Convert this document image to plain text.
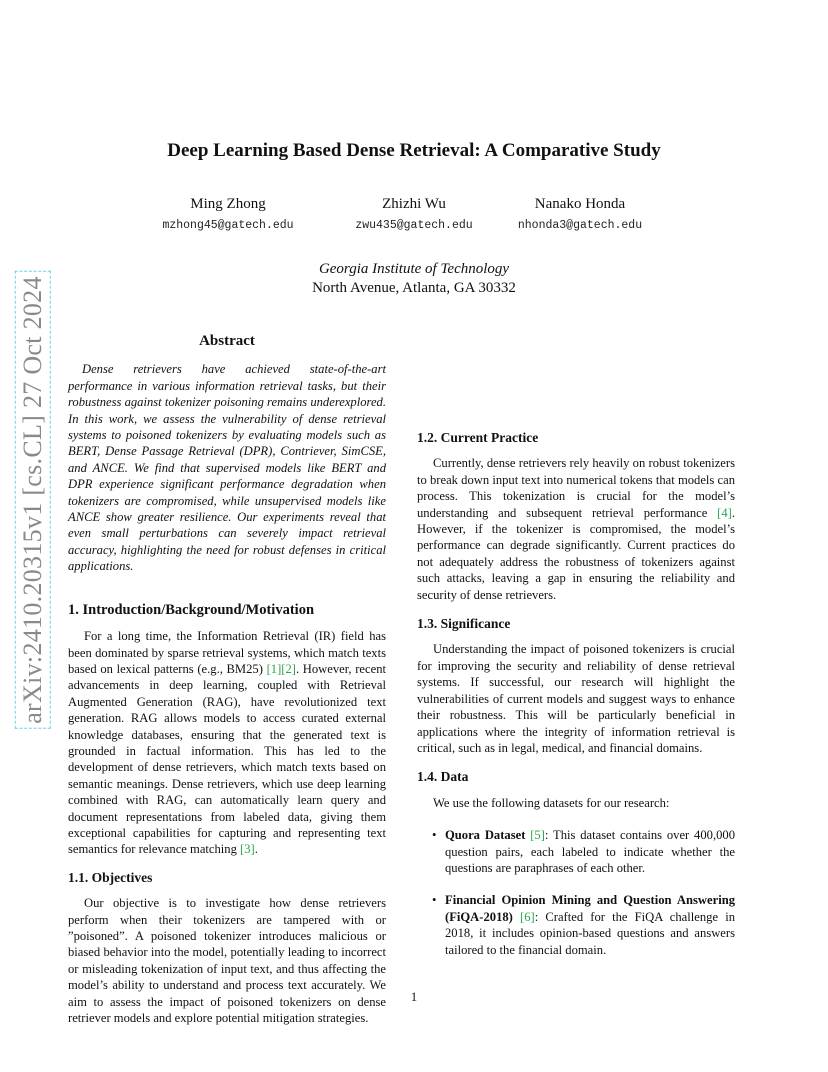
arXiv:2410.20315v1 [cs.CL] 27 Oct 2024
Deep Learning Based Dense Retrieval: A Comparative Study
Ming Zhong
mzhong45@gatech.edu
Zhizhi Wu
zwu435@gatech.edu
Nanako Honda
nhonda3@gatech.edu
Georgia Institute of Technology
North Avenue, Atlanta, GA 30332
Abstract

Dense retrievers have achieved state-of-the-art performance in various information retrieval tasks, but their robustness against tokenizer poisoning remains underexplored. In this work, we assess the vulnerability of dense retrieval systems to poisoned tokenizers by evaluating models such as BERT, Dense Passage Retrieval (DPR), Contriever, SimCSE, and ANCE. We find that supervised models like BERT and DPR experience significant performance degradation when tokenizers are compromised, while unsupervised models like ANCE show greater resilience. Our experiments reveal that even small perturbations can severely impact retrieval accuracy, highlighting the need for robust defenses in critical applications.

1. Introduction/Background/Motivation

For a long time, the Information Retrieval (IR) field has been dominated by sparse retrieval systems, which match texts based on lexical patterns (e.g., BM25) [1][2]. However, recent advancements in deep learning, coupled with Retrieval Augmented Generation (RAG), have revolutionized text generation. RAG allows models to access curated external knowledge databases, ensuring that the generated text is grounded in factual information. This has led to the development of dense retrievers, which match texts based on semantic meanings. Dense retrievers, which use deep learning combined with RAG, can automatically learn query and document representations from labeled data, giving them exceptional capabilities for capturing and representing text semantics for relevance matching [3].

1.1. Objectives

Our objective is to investigate how dense retrievers perform when their tokenizers are tampered with or ”poisoned”. A poisoned tokenizer introduces malicious or biased behavior into the model, potentially leading to incorrect or misleading tokenization of input text, and thus affecting the model’s ability to understand and process text accurately. We aim to assess the impact of poisoned tokenizers on dense retriever models and explore potential mitigation strategies.

1.2. Current Practice

Currently, dense retrievers rely heavily on robust tokenizers to break down input text into numerical tokens that models can process. This tokenization is crucial for the model’s understanding and subsequent retrieval performance [4]. However, if the tokenizer is compromised, the model’s performance can degrade significantly. Current practices do not adequately address the robustness of tokenizers against such attacks, leaving a gap in ensuring the reliability and security of dense retrievers.

1.3. Significance

Understanding the impact of poisoned tokenizers is crucial for improving the security and reliability of dense retrieval systems. If successful, our research will highlight the vulnerabilities of current models and suggest ways to enhance their robustness. This will be particularly beneficial in applications where the integrity of information retrieval is critical, such as in legal, medical, and financial domains.

1.4. Data

We use the following datasets for our research:

• Quora Dataset [5]: This dataset contains over 400,000 question pairs, each labeled to indicate whether the questions are paraphrases of each other.
• Financial Opinion Mining and Question Answering (FiQA-2018) [6]: Crafted for the FiQA challenge in 2018, it includes opinion-based questions and answers tailored to the financial domain.
1
